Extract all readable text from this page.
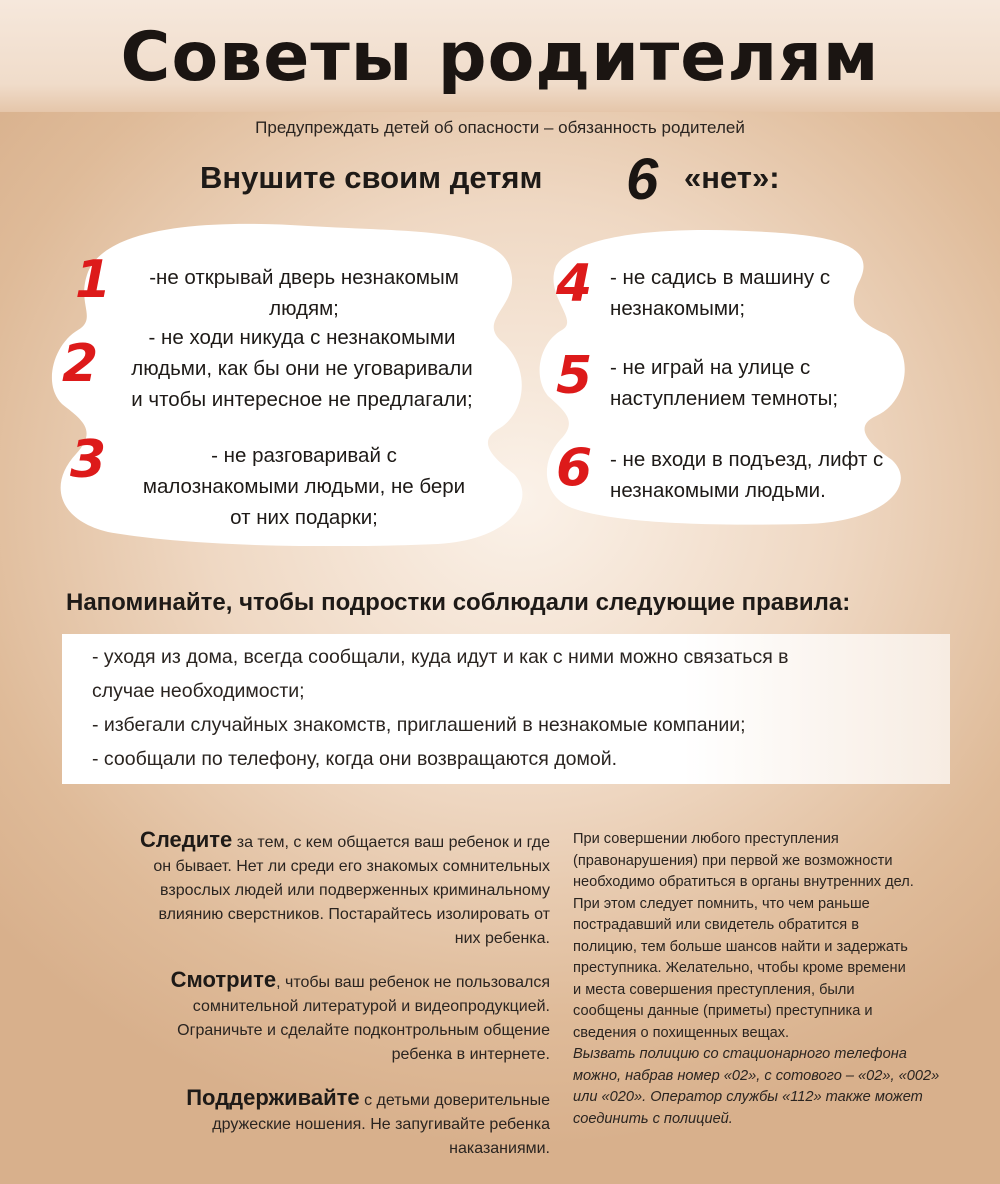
Советы родителям
Предупреждать детей об опасности – обязанность родителей
Внушите своим детям 6 «нет»:
1	-не открывай дверь незнакомым
людям;
2	- не ходи никуда с незнакомыми
людьми, как бы они не уговаривали
и чтобы интересное не предлагали;
3	- не разговаривай с
малознакомыми людьми, не бери
от них подарки;
4 - не садись в машину с
незнакомыми;
5 - не играй на улице с
наступлением темноты;
6 - не входи в подъезд, лифт с
незнакомыми людьми.
Напоминайте, чтобы подростки соблюдали следующие правила:
- уходя из дома, всегда сообщали, куда идут и как с ними можно связаться в
случае необходимости;
- избегали случайных знакомств, приглашений в незнакомые компании;
- сообщали по телефону, когда они возвращаются домой.
Следите за тем, с кем общается ваш ребенок и где
он бывает. Нет ли среди его знакомых сомнительных
взрослых людей или подверженных криминальному
влиянию сверстников. Постарайтесь изолировать от
них ребенка.
Смотрите, чтобы ваш ребенок не пользовался
сомнительной литературой и видеопродукцией.
Ограничьте и сделайте подконтрольным общение
ребенка в интернете.
Поддерживайте с детьми доверительные
дружеские ношения. Не запугивайте ребенка
наказаниями.

При совершении любого преступления

(правонарушения) при первой же возможности

необходимо обратиться в органы внутренних дел.

При этом следует помнить, что чем раньше

пострадавший или свидетель обратится в

полицию, тем больше шансов найти и задержать

преступника. Желательно, чтобы кроме времени

и места совершения преступления, были

сообщены данные (приметы) преступника и

сведения о похищенных вещах.

Вызвать полицию со стационарного телефона

можно, набрав номер «02», с сотового – «02», «002»

или «020». Оператор службы «112» также может

соединить с полицией.
